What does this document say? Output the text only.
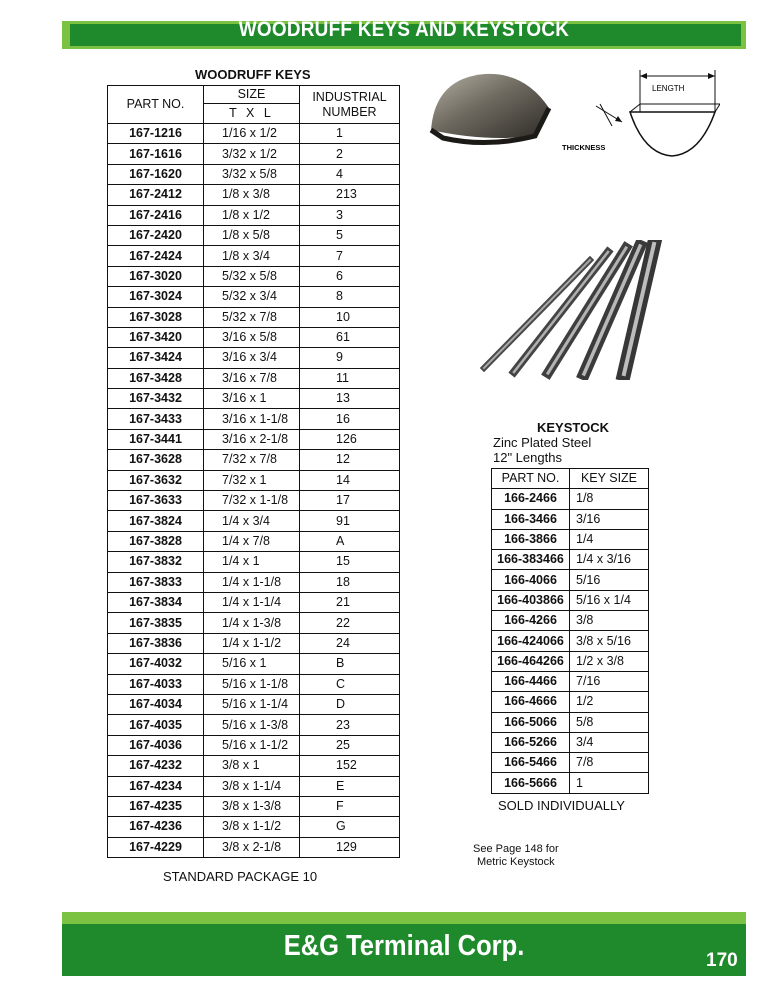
WOODRUFF KEYS AND KEYSTOCK
WOODRUFF KEYS
PART NO.	SIZE	INDUSTRIAL NUMBER
	T X L	
167-1216	1/16 x 1/2	1
167-1616	3/32 x 1/2	2
167-1620	3/32 x 5/8	4
167-2412	1/8 x 3/8	213
167-2416	1/8 x 1/2	3
167-2420	1/8 x 5/8	5
167-2424	1/8 x 3/4	7
167-3020	5/32 x 5/8	6
167-3024	5/32 x 3/4	8
167-3028	5/32 x 7/8	10
167-3420	3/16 x 5/8	61
167-3424	3/16 x 3/4	9
167-3428	3/16 x 7/8	11
167-3432	3/16 x 1	13
167-3433	3/16 x 1-1/8	16
167-3441	3/16 x 2-1/8	126
167-3628	7/32 x 7/8	12
167-3632	7/32 x 1	14
167-3633	7/32 x 1-1/8	17
167-3824	1/4 x 3/4	91
167-3828	1/4 x 7/8	A
167-3832	1/4 x 1	15
167-3833	1/4 x 1-1/8	18
167-3834	1/4 x 1-1/4	21
167-3835	1/4 x 1-3/8	22
167-3836	1/4 x 1-1/2	24
167-4032	5/16 x 1	B
167-4033	5/16 x 1-1/8	C
167-4034	5/16 x 1-1/4	D
167-4035	5/16 x 1-3/8	23
167-4036	5/16 x 1-1/2	25
167-4232	3/8 x 1	152
167-4234	3/8 x 1-1/4	E
167-4235	3/8 x 1-3/8	F
167-4236	3/8 x 1-1/2	G
167-4229	3/8 x 2-1/8	129
STANDARD PACKAGE 10
LENGTH
THICKNESS
KEYSTOCK
Zinc Plated Steel
12" Lengths
PART NO.	KEY SIZE
166-2466	1/8
166-3466	3/16
166-3866	1/4
166-383466	1/4 x 3/16
166-4066	5/16
166-403866	5/16 x 1/4
166-4266	3/8
166-424066	3/8 x 5/16
166-464266	1/2 x 3/8
166-4466	7/16
166-4666	1/2
166-5066	5/8
166-5266	3/4
166-5466	7/8
166-5666	1
SOLD INDIVIDUALLY
See Page 148 for
Metric Keystock
E&G Terminal Corp.	170
